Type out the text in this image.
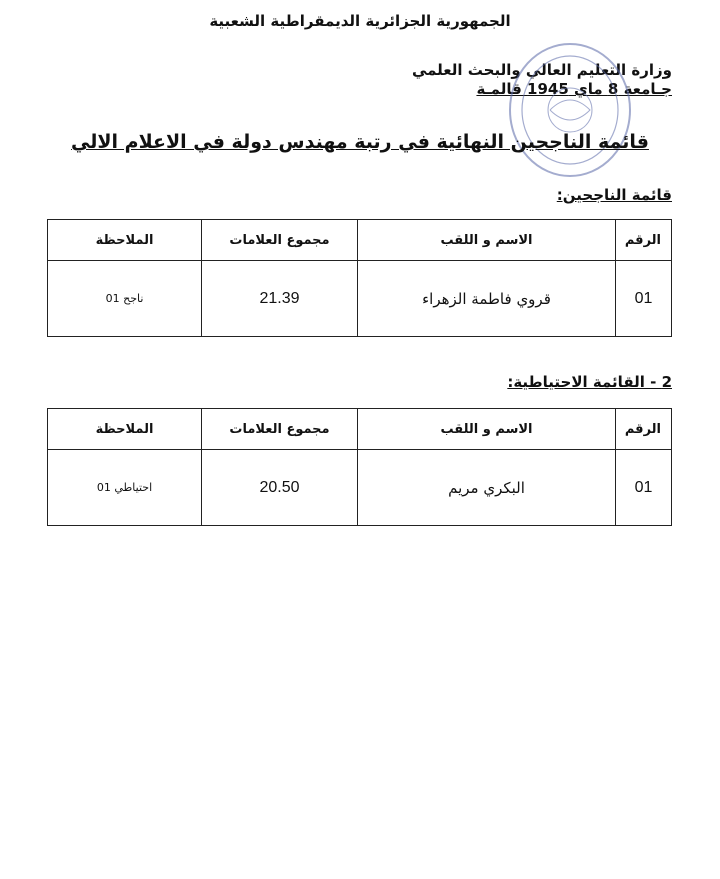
الجمهورية الجزائرية الديمقراطية الشعبية
وزارة التعليم العالي والبحث العلمي
جـامعة 8 ماي 1945 قالمـة
قائمة الناجحين النهائية في رتبة مهندس دولة في الاعلام الالي
قائمة الناجحين:
الرقم	الاسم و اللقب	مجموع العلامات	الملاحظة
01	قروي فاطمة الزهراء	21.39	ناجح 01
2 - القائمة الاحتياطية:
الرقم	الاسم و اللقب	مجموع العلامات	الملاحظة
01	البكري مريم	20.50	احتياطي 01
